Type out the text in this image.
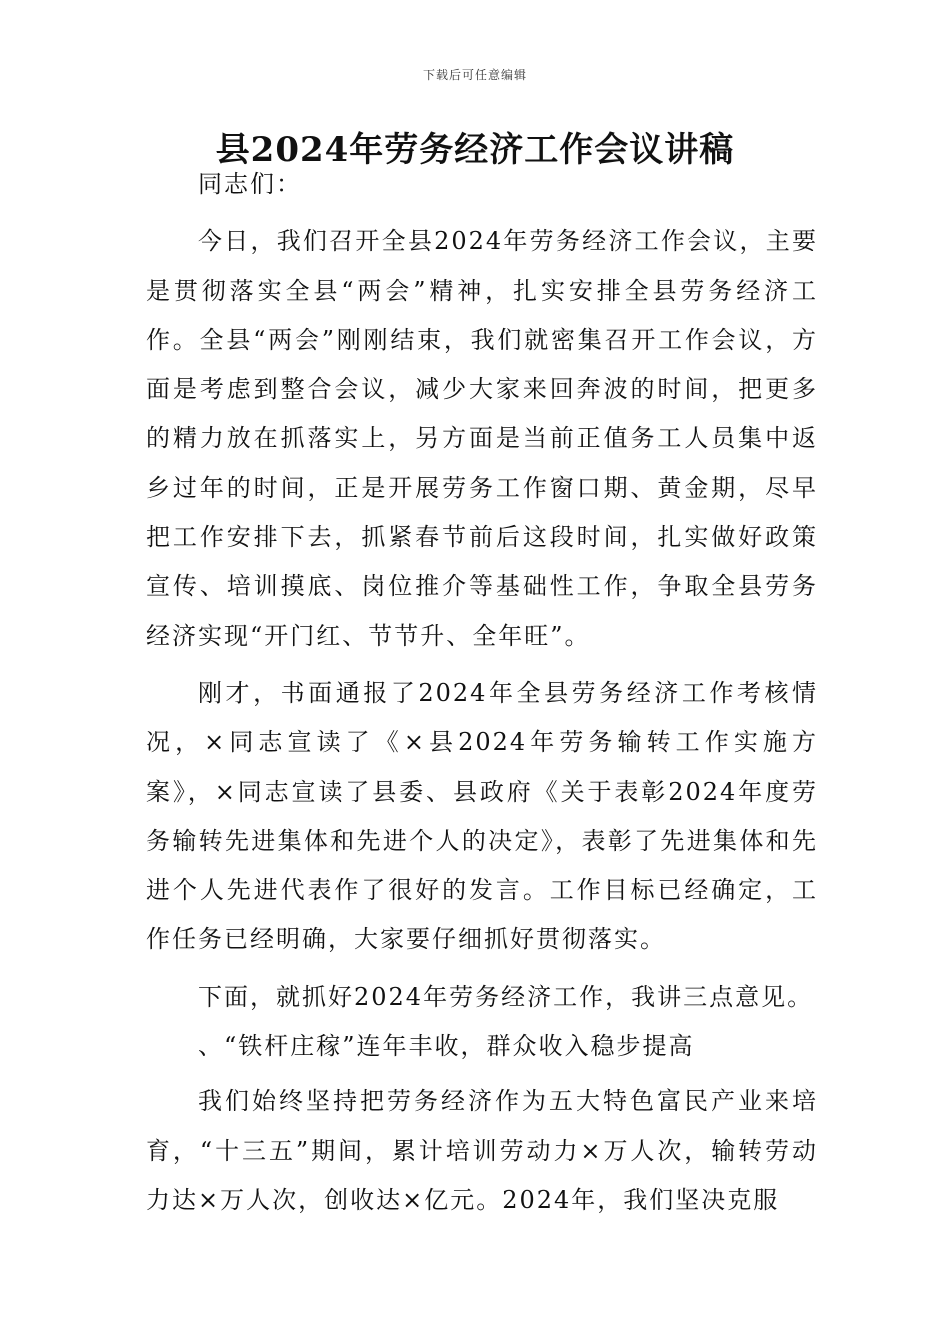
下载后可任意编辑
县2024年劳务经济工作会议讲稿

同志们：

今日，我们召开全县2024年劳务经济工作会议，主要是贯彻落实全县“两会”精神，扎实安排全县劳务经济工作。全县“两会”刚刚结束，我们就密集召开工作会议，方面是考虑到整合会议，减少大家来回奔波的时间，把更多的精力放在抓落实上，另方面是当前正值务工人员集中返乡过年的时间，正是开展劳务工作窗口期、黄金期，尽早把工作安排下去，抓紧春节前后这段时间，扎实做好政策宣传、培训摸底、岗位推介等基础性工作，争取全县劳务经济实现“开门红、节节升、全年旺”。

刚才，书面通报了2024年全县劳务经济工作考核情况，×同志宣读了《×县2024年劳务输转工作实施方案》，×同志宣读了县委、县政府《关于表彰2024年度劳务输转先进集体和先进个人的决定》，表彰了先进集体和先进个人先进代表作了很好的发言。工作目标已经确定，工作任务已经明确，大家要仔细抓好贯彻落实。

下面，就抓好2024年劳务经济工作，我讲三点意见。

、“铁杆庄稼”连年丰收，群众收入稳步提高

我们始终坚持把劳务经济作为五大特色富民产业来培育，“十三五”期间，累计培训劳动力×万人次，输转劳动力达×万人次，创收达×亿元。2024年，我们坚决克服
